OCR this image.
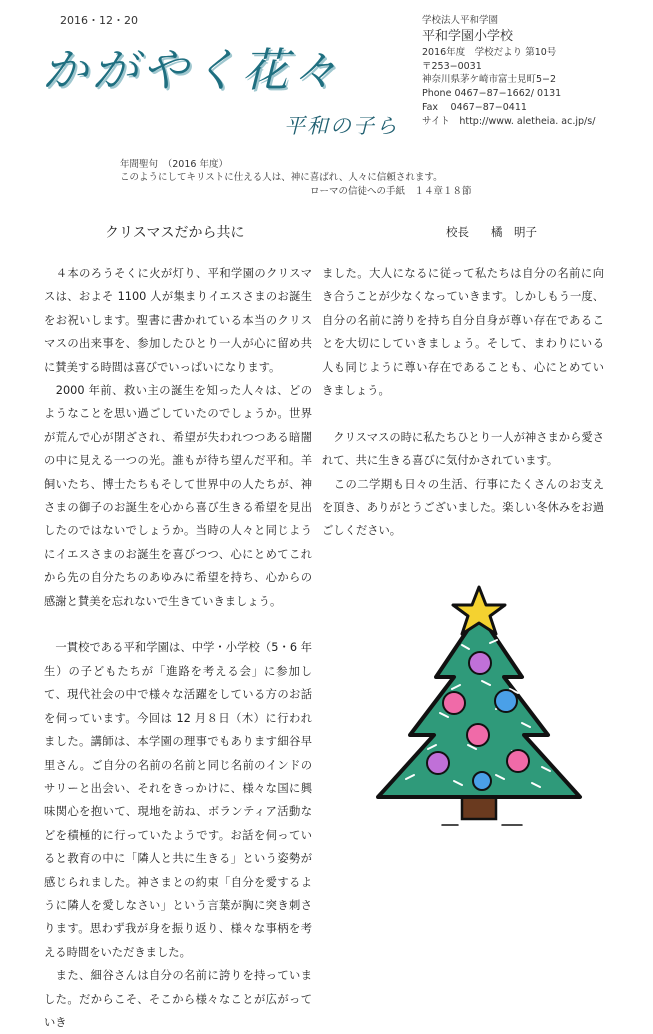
2016・12・20
かがやく花々
平和の子ら
学校法人平和学園
平和学園小学校
2016年度　学校だより 第10号
〒253−0031
神奈川県茅ケ崎市富士見町5−2
Phone 0467−87−1662/ 0131
Fax　 0467−87−0411
サイト　http://www. aletheia. ac.jp/s/
年間聖句　（2016 年度）
このようにしてキリストに仕える人は、神に喜ばれ、人々に信頼されます。
ローマの信徒への手紙　１４章１８節
クリスマスだから共に	校長 橘　明子

　４本のろうそくに火が灯り、平和学園のクリスマスは、およそ 1100 人が集まりイエスさまのお誕生をお祝いします。聖書に書かれている本当のクリスマスの出来事を、参加したひとり一人が心に留め共に賛美する時間は喜びでいっぱいになります。

　2000 年前、救い主の誕生を知った人々は、どのようなことを思い過ごしていたのでしょうか。世界が荒んで心が閉ざされ、希望が失われつつある暗闇の中に見える一つの光。誰もが待ち望んだ平和。羊飼いたち、博士たちもそして世界中の人たちが、神さまの御子のお誕生を心から喜び生きる希望を見出したのではないでしょうか。当時の人々と同じようにイエスさまのお誕生を喜びつつ、心にとめてこれから先の自分たちのあゆみに希望を持ち、心からの感謝と賛美を忘れないで生きていきましょう。

　一貫校である平和学園は、中学・小学校（5・6 年生）の子どもたちが「進路を考える会」に参加して、現代社会の中で様々な活躍をしている方のお話を伺っています。今回は 12 月８日（木）に行われました。講師は、本学園の理事でもあります細谷早里さん。ご自分の名前の名前と同じ名前のインドのサリーと出会い、それをきっかけに、様々な国に興味関心を抱いて、現地を訪ね、ボランティア活動などを積極的に行っていたようです。お話を伺っていると教育の中に「隣人と共に生きる」という姿勢が感じられました。神さまとの約束「自分を愛するように隣人を愛しなさい」という言葉が胸に突き刺さります。思わず我が身を振り返り、様々な事柄を考える時間をいただきました。

　また、細谷さんは自分の名前に誇りを持っていました。だからこそ、そこから様々なことが広がっていき

ました。大人になるに従って私たちは自分の名前に向き合うことが少なくなっていきます。しかしもう一度、自分の名前に誇りを持ち自分自身が尊い存在であることを大切にしていきましょう。そして、まわりにいる人も同じように尊い存在であることも、心にとめていきましょう。

　クリスマスの時に私たちひとり一人が神さまから愛されて、共に生きる喜びに気付かされています。

　この二学期も日々の生活、行事にたくさんのお支えを頂き、ありがとうございました。楽しい冬休みをお過ごしください。
